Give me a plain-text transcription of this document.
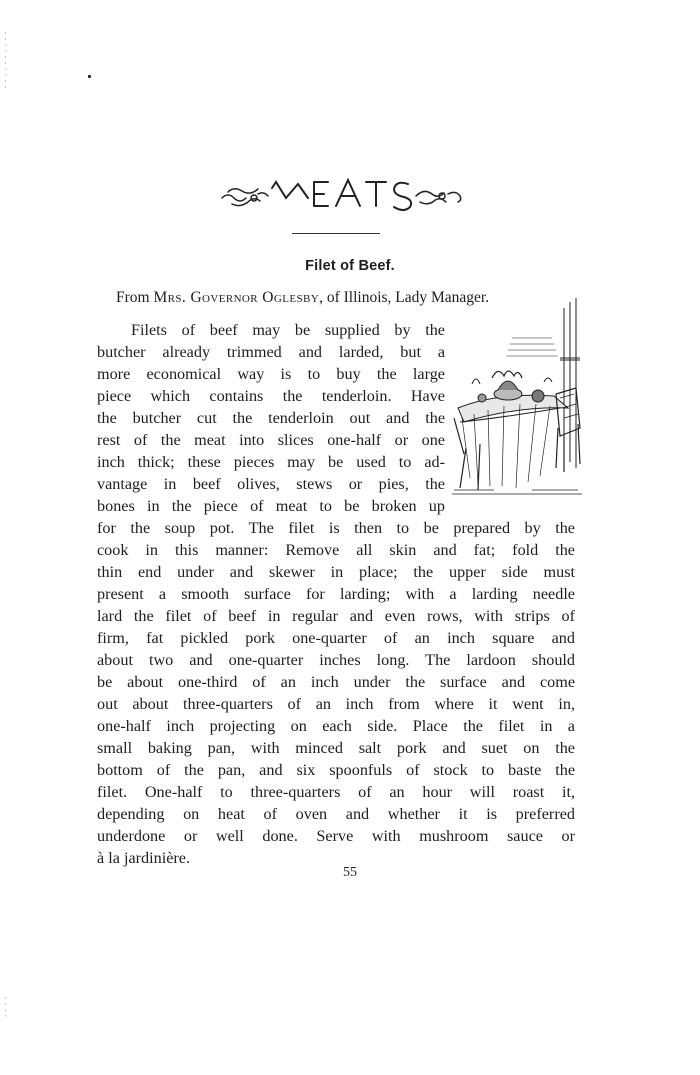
MEATS
Filet of Beef.

From Mrs. Governor Oglesby, of Illinois, Lady Manager.

Filets of beef may be supplied by the

butcher already trimmed and larded, but a

more economical way is to buy the large

piece which contains the tenderloin. Have

the butcher cut the tenderloin out and the

rest of the meat into slices one-half or one

inch thick; these pieces may be used to ad-

vantage in beef olives, stews or pies, the

bones in the piece of meat to be broken up

for the soup pot. The filet is then to be prepared by the

cook in this manner: Remove all skin and fat; fold the

thin end under and skewer in place; the upper side must

present a smooth surface for larding; with a larding needle

lard the filet of beef in regular and even rows, with strips of

firm, fat pickled pork one-quarter of an inch square and

about two and one-quarter inches long. The lardoon should

be about one-third of an inch under the surface and come

out about three-quarters of an inch from where it went in,

one-half inch projecting on each side. Place the filet in a

small baking pan, with minced salt pork and suet on the

bottom of the pan, and six spoonfuls of stock to baste the

filet. One-half to three-quarters of an hour will roast it,

depending on heat of oven and whether it is preferred

underdone or well done. Serve with mushroom sauce or

à la jardinière.

55
